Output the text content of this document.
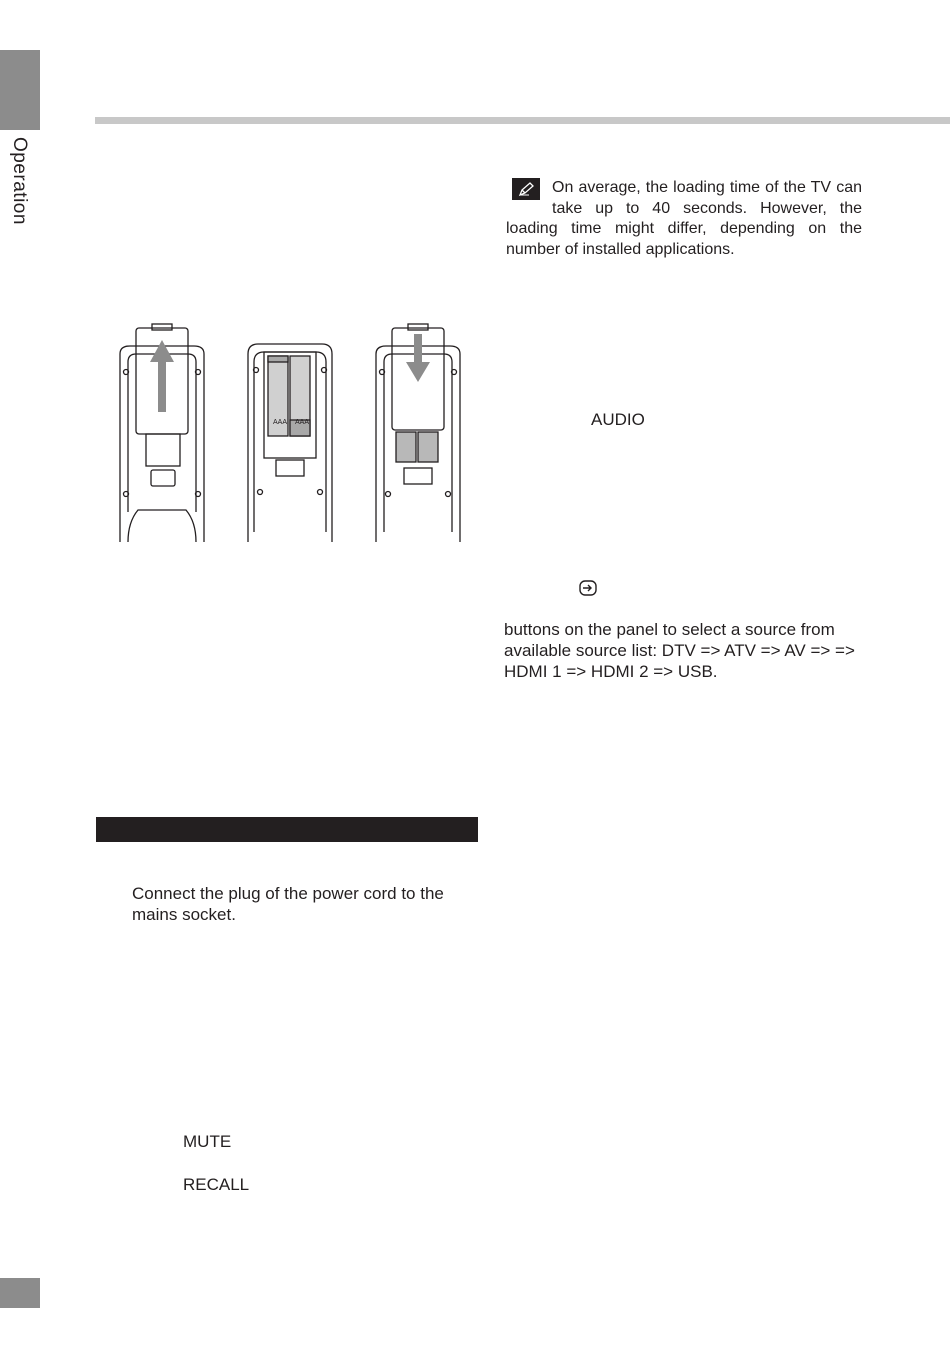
Operation
AAA AAA
On average, the loading time of the TV can take up to 40 seconds. However, the loading time might differ, depending on the number of installed applications.
AUDIO
buttons on the panel to select a source from available source list: DTV => ATV => AV => => HDMI 1 => HDMI 2 => USB.
Connect the plug of the power cord to the mains socket.
MUTE
RECALL
